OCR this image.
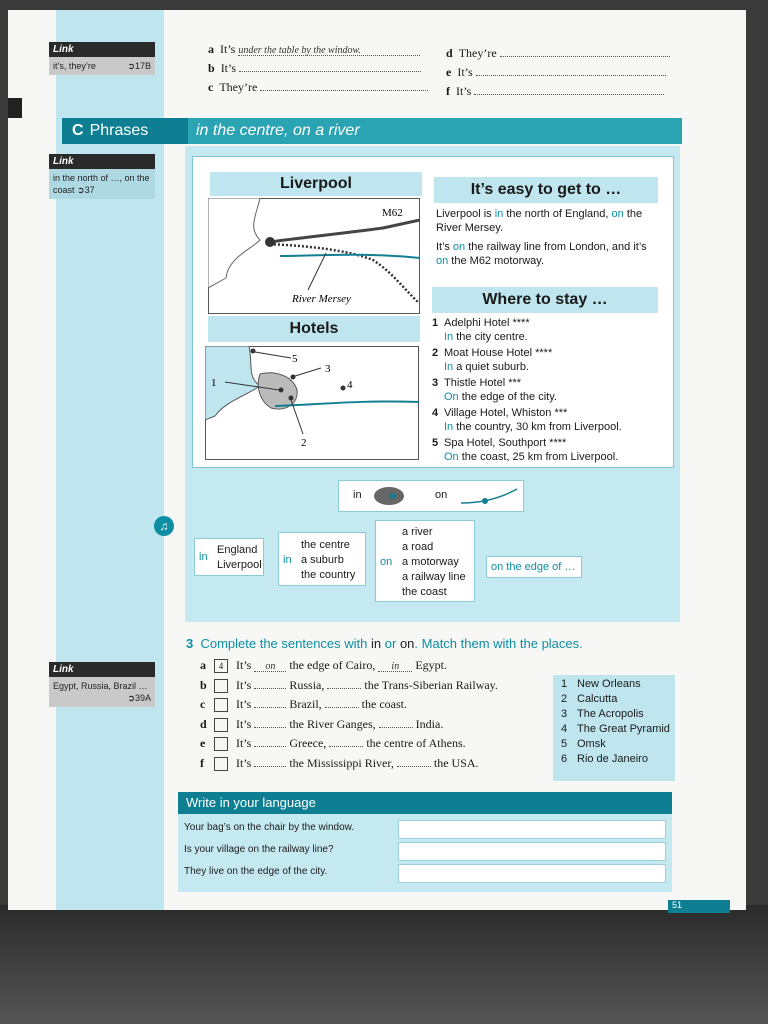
a It’s under the table by the window.
b It’s
c They’re
d They’re
e It’s
f It’s
Link
it’s, they’re	➲17B
Link
in the north of …, on the coast ➲37
Link
Egypt, Russia, Brazil …
➲39A
C Phrases	in the centre, on a river
Liverpool
M62
River Mersey
Hotels
5
3
4
1
2
It’s easy to get to …
Liverpool is in the north of England, on the River Mersey.
It’s on the railway line from London, and it’s on the M62 motorway.
Where to stay …
1 Adelphi Hotel ****
In the city centre.
2 Moat House Hotel ****
In a quiet suburb.
3 Thistle Hotel ***
On the edge of the city.
4 Village Hotel, Whiston ***
In the country, 30 km from Liverpool.
5 Spa Hotel, Southport ****
On the coast, 25 km from Liverpool.
in	on
♫
in
England
Liverpool in
the centre
a suburb
the country
on
a river
a road
a motorway
a railway line
the coast
on the edge of …
3 Complete the sentences with in or on. Match them with the places.
a 4 It’s on the edge of Cairo, in Egypt.
b It’s	Russia,	the Trans-Siberian Railway.
c	It’s	Brazil,	the coast.
d It’s	the River Ganges,	India.
e	It’s	Greece,	the centre of Athens.
f	It’s	the Mississippi River,	the USA.
1 New Orleans
2 Calcutta
3 The Acropolis
4 The Great Pyramid
5 Omsk
6 Rio de Janeiro
Write in your language
Your bag’s on the chair by the window.
Is your village on the railway line?
They live on the edge of the city.
51
